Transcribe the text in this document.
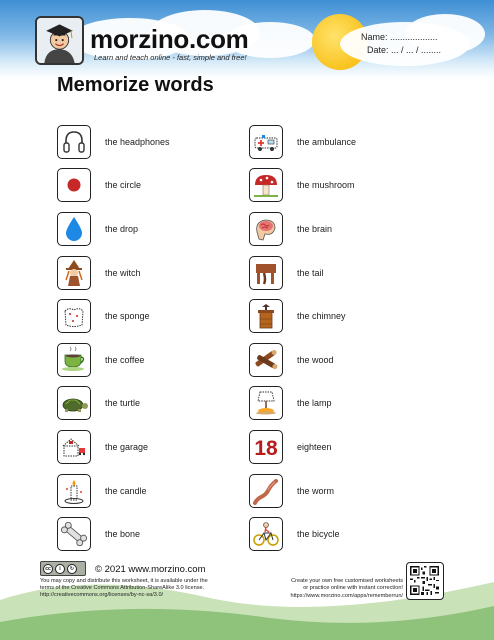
morzino.com
Learn and teach online - fast, simple and free!
Name: ...................
Date: ... / ... / ........
Memorize words
the headphones
the circle
the drop
the witch
the sponge
the coffee
the turtle
the garage
the candle
the bone
the ambulance
the mushroom
the brain
the tail
the chimney
the wood
the lamp
18 eighteen
the worm
the bicycle
cc	i	↻	© 2021 www.morzino.com
You may copy and distribute this worksheet, it is available under the
terms of the Creative Commons Attribution-ShareAlike 3.0 license.
http://creativecommons.org/licenses/by-nc-sa/3.0/
Create your own free customised worksheets
or practice online with instant correction!
https://www.morzino.com/apps/rememberrun/
